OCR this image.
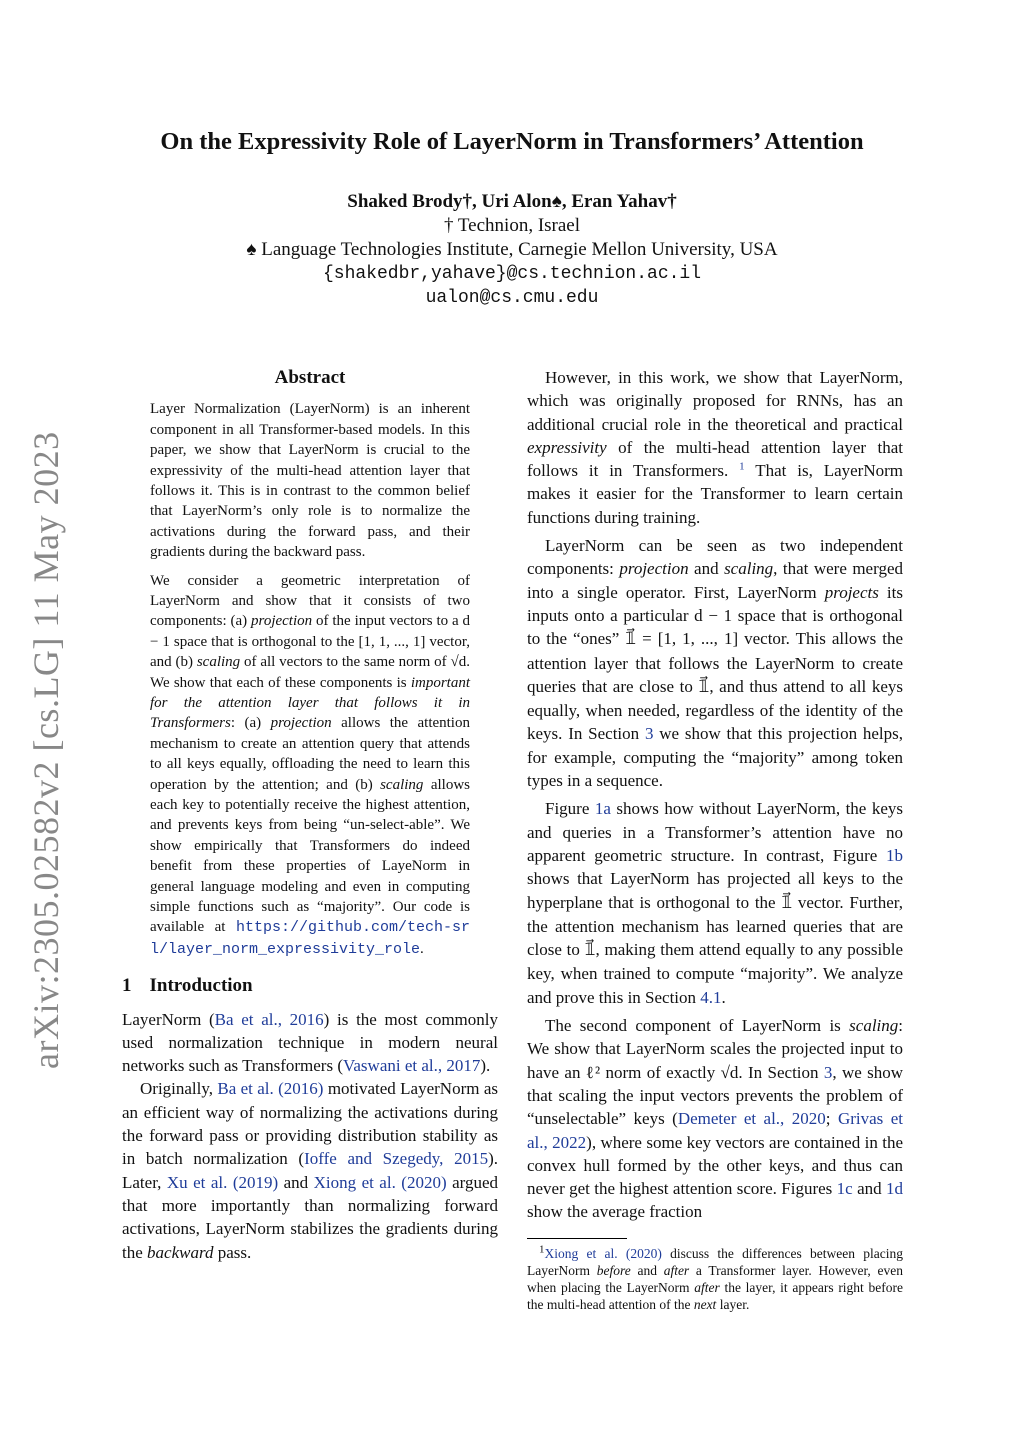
arXiv:2305.02582v2 [cs.LG] 11 May 2023
On the Expressivity Role of LayerNorm in Transformers’ Attention
Shaked Brody†, Uri Alon♠, Eran Yahav†
† Technion, Israel
♠ Language Technologies Institute, Carnegie Mellon University, USA
{shakedbr,yahave}@cs.technion.ac.il
ualon@cs.cmu.edu
Abstract

Layer Normalization (LayerNorm) is an inherent component in all Transformer-based models. In this paper, we show that LayerNorm is crucial to the expressivity of the multi-head attention layer that follows it. This is in contrast to the common belief that LayerNorm’s only role is to normalize the activations during the forward pass, and their gradients during the backward pass.

We consider a geometric interpretation of LayerNorm and show that it consists of two components: (a) projection of the input vectors to a d − 1 space that is orthogonal to the [1, 1, ..., 1] vector, and (b) scaling of all vectors to the same norm of √d. We show that each of these components is important for the attention layer that follows it in Transformers: (a) projection allows the attention mechanism to create an attention query that attends to all keys equally, offloading the need to learn this operation by the attention; and (b) scaling allows each key to potentially receive the highest attention, and prevents keys from being “un-select-able”. We show empirically that Transformers do indeed benefit from these properties of LayeNorm in general language modeling and even in computing simple functions such as “majority”. Our code is available at https://github.com/tech-srl/layer_norm_expressivity_role.

1 Introduction

LayerNorm (Ba et al., 2016) is the most commonly used normalization technique in modern neural networks such as Transformers (Vaswani et al., 2017).

Originally, Ba et al. (2016) motivated LayerNorm as an efficient way of normalizing the activations during the forward pass or providing distribution stability as in batch normalization (Ioffe and Szegedy, 2015). Later, Xu et al. (2019) and Xiong et al. (2020) argued that more importantly than normalizing forward activations, LayerNorm stabilizes the gradients during the backward pass.

However, in this work, we show that LayerNorm, which was originally proposed for RNNs, has an additional crucial role in the theoretical and practical expressivity of the multi-head attention layer that follows it in Transformers. $^1$ That is, LayerNorm makes it easier for the Transformer to learn certain functions during training.

LayerNorm can be seen as two independent components: projection and scaling, that were merged into a single operator. First, LayerNorm projects its inputs onto a particular d − 1 space that is orthogonal to the “ones” 𝟙⃗ = [1, 1, ..., 1] vector. This allows the attention layer that follows the LayerNorm to create queries that are close to 𝟙⃗, and thus attend to all keys equally, when needed, regardless of the identity of the keys. In Section 3 we show that this projection helps, for example, computing the “majority” among token types in a sequence.

Figure 1a shows how without LayerNorm, the keys and queries in a Transformer’s attention have no apparent geometric structure. In contrast, Figure 1b shows that LayerNorm has projected all keys to the hyperplane that is orthogonal to the 𝟙⃗ vector. Further, the attention mechanism has learned queries that are close to 𝟙⃗, making them attend equally to any possible key, when trained to compute “majority”. We analyze and prove this in Section 4.1.

The second component of LayerNorm is scaling: We show that LayerNorm scales the projected input to have an ℓ² norm of exactly √d. In Section 3, we show that scaling the input vectors prevents the problem of “unselectable” keys (Demeter et al., 2020; Grivas et al., 2022), where some key vectors are contained in the convex hull formed by the other keys, and thus can never get the highest attention score. Figures 1c and 1d show the average fraction

$^1$Xiong et al. (2020) discuss the differences between placing LayerNorm before and after a Transformer layer. However, even when placing the LayerNorm after the layer, it appears right before the multi-head attention of the next layer.
